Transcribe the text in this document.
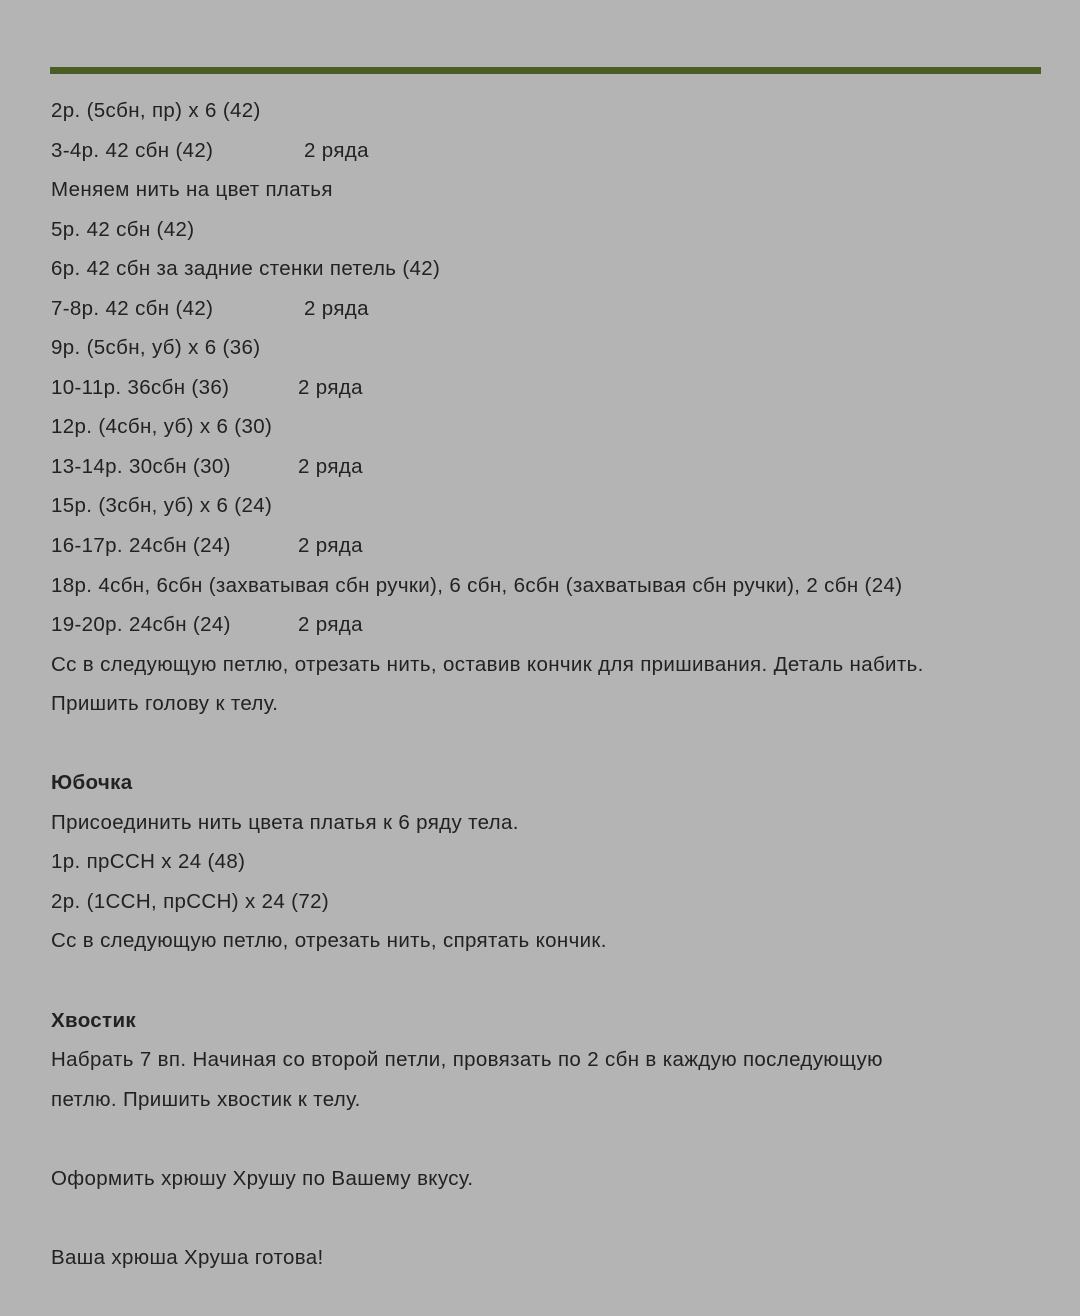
2р. (5сбн, пр) х 6 (42)
3-4р. 42 сбн (42)	2 ряда
Меняем нить на цвет платья
5р. 42 сбн (42)
6р. 42 сбн за задние стенки петель (42)
7-8р. 42 сбн (42)	2 ряда
9р. (5сбн, уб) х 6 (36)
10-11р. 36сбн (36)	2 ряда
12р. (4сбн, уб) х 6 (30)
13-14р. 30сбн (30)	2 ряда
15р. (3сбн, уб) х 6 (24)
16-17р. 24сбн (24)	2 ряда
18р. 4сбн, 6сбн (захватывая сбн ручки), 6 сбн, 6сбн (захватывая сбн ручки), 2 сбн (24)
19-20р. 24сбн (24)	2 ряда
Сс в следующую петлю, отрезать нить, оставив кончик для пришивания. Деталь набить.
Пришить голову к телу.
Юбочка
Присоединить нить цвета платья к 6 ряду тела.
1р. прССН х 24 (48)
2р. (1ССН, прССН) х 24 (72)
Сс в следующую петлю, отрезать нить, спрятать кончик.
Хвостик
Набрать 7 вп. Начиная со второй петли, провязать по 2 сбн в каждую последующую
петлю. Пришить хвостик к телу.
Оформить хрюшу Хрушу по Вашему вкусу.
Ваша хрюша Хруша готова!
